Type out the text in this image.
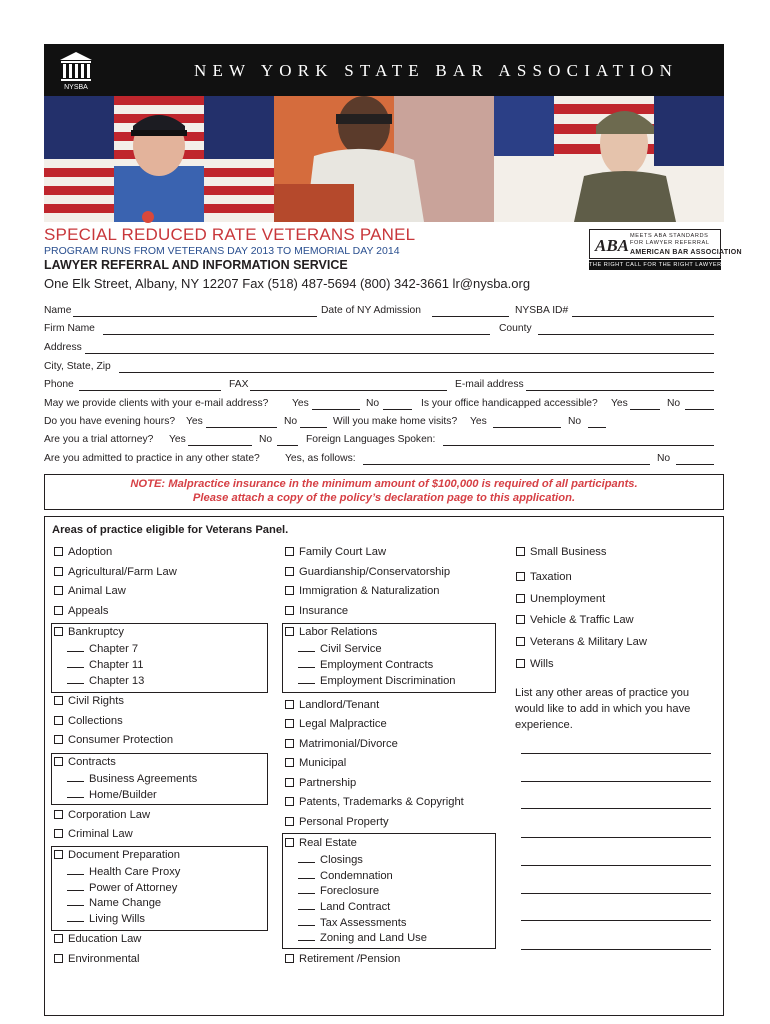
NYSBA
NEW YORK STATE BAR ASSOCIATION
SPECIAL REDUCED RATE VETERANS PANEL
PROGRAM RUNS FROM VETERANS DAY 2013 TO MEMORIAL DAY 2014
LAWYER REFERRAL AND INFORMATION SERVICE
One Elk Street, Albany, NY 12207 Fax (518) 487-5694 (800) 342-3661 lr@nysba.org
ABA MEETS ABA STANDARDS FOR LAWYER REFERRAL
AMERICAN BAR ASSOCIATION
THE RIGHT CALL FOR THE RIGHT LAWYER
Name	Date of NY Admission	NYSBA ID#
Firm Name	County
Address
City, State, Zip
Phone	FAX	E-mail address
May we provide clients with your e-mail address? Yes	No	Is your office handicapped accessible? Yes	No
Do you have evening hours? Yes	No	Will you make home visits? Yes	No
Are you a trial attorney? Yes	No	Foreign Languages Spoken:
Are you admitted to practice in any other state? Yes, as follows:	No
NOTE: Malpractice insurance in the minimum amount of $100,000 is required of all participants.
Please attach a copy of the policy’s declaration page to this application.
Areas of practice eligible for Veterans Panel.
Adoption
Agricultural/Farm Law
Animal Law
Appeals
Bankruptcy
Chapter 7
Chapter 11
Chapter 13
Civil Rights
Collections
Consumer Protection
Contracts
Business Agreements
Home/Builder
Corporation Law
Criminal Law
Document Preparation
Health Care Proxy
Power of Attorney
Name Change
Living Wills
Education Law
Environmental
Family Court Law
Guardianship/Conservatorship
Immigration & Naturalization
Insurance
Labor Relations
Civil Service
Employment Contracts
Employment Discrimination
Landlord/Tenant
Legal Malpractice
Matrimonial/Divorce
Municipal
Partnership
Patents, Trademarks & Copyright
Personal Property
Real Estate
Closings
Condemnation
Foreclosure
Land Contract
Tax Assessments
Zoning and Land Use
Retirement /Pension
Small Business
Taxation
Unemployment
Vehicle & Traffic Law
Veterans & Military Law
Wills
List any other areas of practice you would like to add in which you have experience.
